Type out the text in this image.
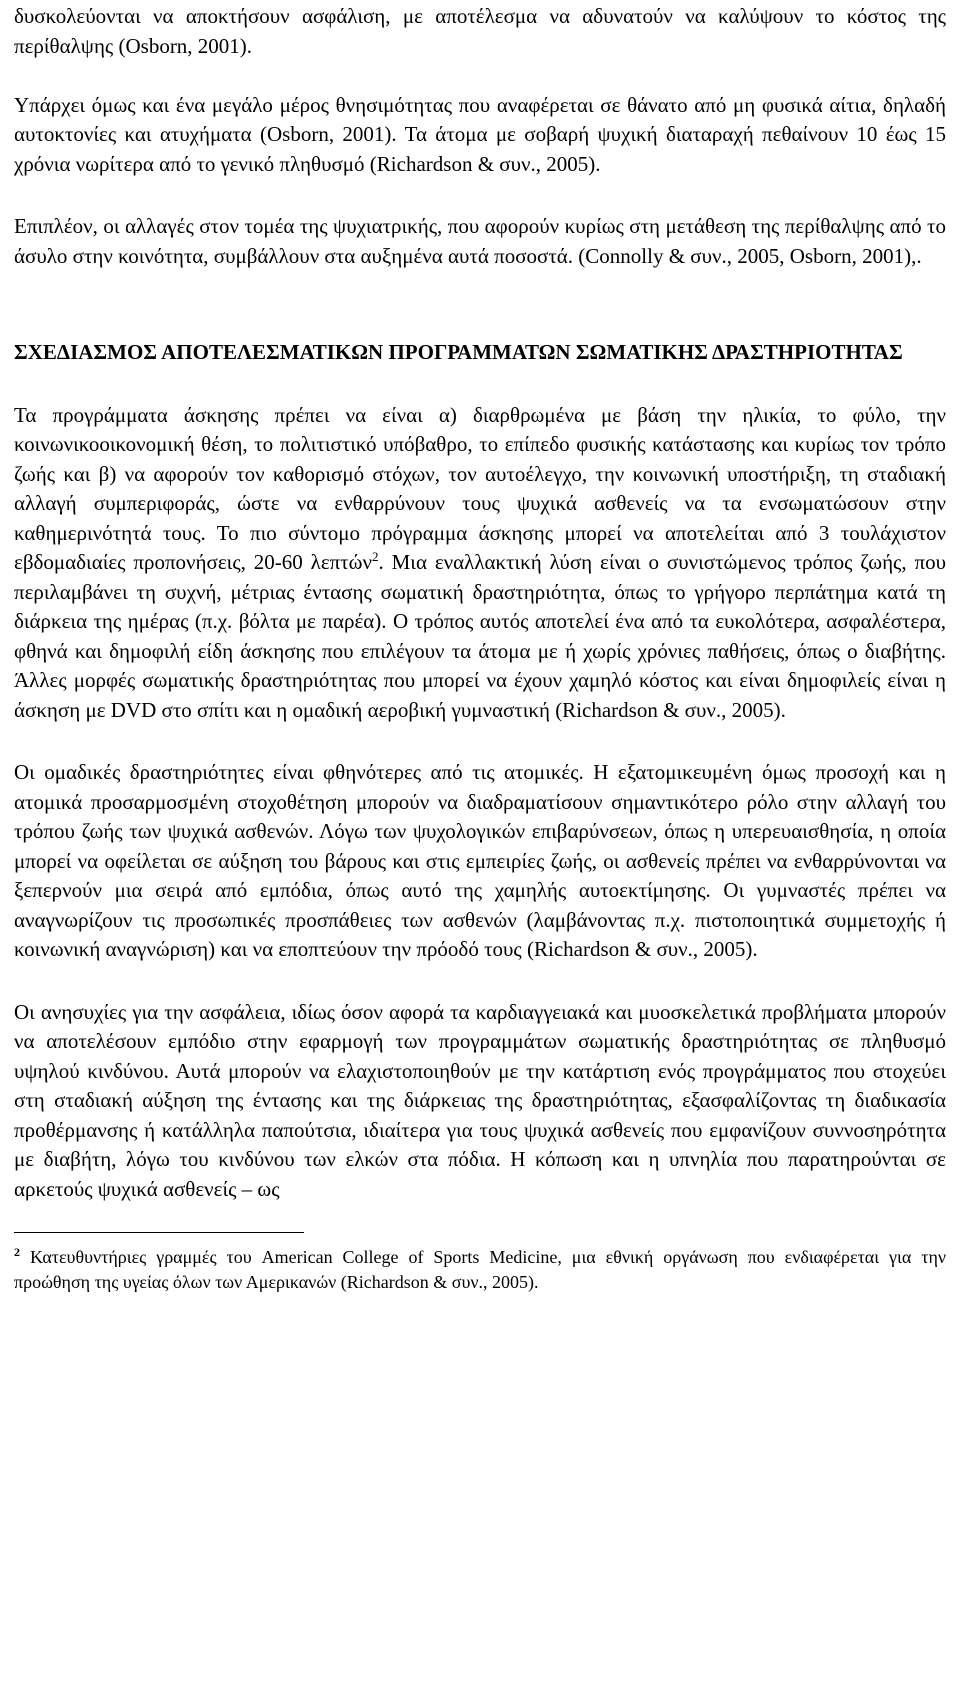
δυσκολεύονται να αποκτήσουν ασφάλιση, με αποτέλεσμα να αδυνατούν να καλύψουν το κόστος της περίθαλψης (Osborn, 2001).

Υπάρχει όμως και ένα μεγάλο μέρος θνησιμότητας που αναφέρεται σε θάνατο από μη φυσικά αίτια, δηλαδή αυτοκτονίες και ατυχήματα (Osborn, 2001). Τα άτομα με σοβαρή ψυχική διαταραχή πεθαίνουν 10 έως 15 χρόνια νωρίτερα από το γενικό πληθυσμό (Richardson & συν., 2005).

Επιπλέον, οι αλλαγές στον τομέα της ψυχιατρικής, που αφορούν κυρίως στη μετάθεση της περίθαλψης από το άσυλο στην κοινότητα, συμβάλλουν στα αυξημένα αυτά ποσοστά. (Connolly & συν., 2005, Osborn, 2001),.

ΣΧΕΔΙΑΣΜΟΣ ΑΠΟΤΕΛΕΣΜΑΤΙΚΩΝ ΠΡΟΓΡΑΜΜΑΤΩΝ ΣΩΜΑΤΙΚΗΣ ΔΡΑΣΤΗΡΙΟΤΗΤΑΣ

Τα προγράμματα άσκησης πρέπει να είναι α) διαρθρωμένα με βάση την ηλικία, το φύλο, την κοινωνικοοικονομική θέση, το πολιτιστικό υπόβαθρο, το επίπεδο φυσικής κατάστασης και κυρίως τον τρόπο ζωής και β) να αφορούν τον καθορισμό στόχων, τον αυτοέλεγχο, την κοινωνική υποστήριξη, τη σταδιακή αλλαγή συμπεριφοράς, ώστε να ενθαρρύνουν τους ψυχικά ασθενείς να τα ενσωματώσουν στην καθημερινότητά τους. Το πιο σύντομο πρόγραμμα άσκησης μπορεί να αποτελείται από 3 τουλάχιστον εβδομαδιαίες προπονήσεις, 20-60 λεπτών$^2$. Μια εναλλακτική λύση είναι ο συνιστώμενος τρόπος ζωής, που περιλαμβάνει τη συχνή, μέτριας έντασης σωματική δραστηριότητα, όπως το γρήγορο περπάτημα κατά τη διάρκεια της ημέρας (π.χ. βόλτα με παρέα). Ο τρόπος αυτός αποτελεί ένα από τα ευκολότερα, ασφαλέστερα, φθηνά και δημοφιλή είδη άσκησης που επιλέγουν τα άτομα με ή χωρίς χρόνιες παθήσεις, όπως ο διαβήτης. Άλλες μορφές σωματικής δραστηριότητας που μπορεί να έχουν χαμηλό κόστος και είναι δημοφιλείς είναι η άσκηση με DVD στο σπίτι και η ομαδική αεροβική γυμναστική (Richardson & συν., 2005).

Οι ομαδικές δραστηριότητες είναι φθηνότερες από τις ατομικές. Η εξατομικευμένη όμως προσοχή και η ατομικά προσαρμοσμένη στοχοθέτηση μπορούν να διαδραματίσουν σημαντικότερο ρόλο στην αλλαγή του τρόπου ζωής των ψυχικά ασθενών. Λόγω των ψυχολογικών επιβαρύνσεων, όπως η υπερευαισθησία, η οποία μπορεί να οφείλεται σε αύξηση του βάρους και στις εμπειρίες ζωής, οι ασθενείς πρέπει να ενθαρρύνονται να ξεπερνούν μια σειρά από εμπόδια, όπως αυτό της χαμηλής αυτοεκτίμησης. Οι γυμναστές πρέπει να αναγνωρίζουν τις προσωπικές προσπάθειες των ασθενών (λαμβάνοντας π.χ. πιστοποιητικά συμμετοχής ή κοινωνική αναγνώριση) και να εποπτεύουν την πρόοδό τους (Richardson & συν., 2005).

Οι ανησυχίες για την ασφάλεια, ιδίως όσον αφορά τα καρδιαγγειακά και μυοσκελετικά προβλήματα μπορούν να αποτελέσουν εμπόδιο στην εφαρμογή των προγραμμάτων σωματικής δραστηριότητας σε πληθυσμό υψηλού κινδύνου. Αυτά μπορούν να ελαχιστοποιηθούν με την κατάρτιση ενός προγράμματος που στοχεύει στη σταδιακή αύξηση της έντασης και της διάρκειας της δραστηριότητας, εξασφαλίζοντας τη διαδικασία προθέρμανσης ή κατάλληλα παπούτσια, ιδιαίτερα για τους ψυχικά ασθενείς που εμφανίζουν συννοσηρότητα με διαβήτη, λόγω του κινδύνου των ελκών στα πόδια. Η κόπωση και η υπνηλία που παρατηρούνται σε αρκετούς ψυχικά ασθενείς – ως

$^2$ Κατευθυντήριες γραμμές του American College of Sports Medicine, μια εθνική οργάνωση που ενδιαφέρεται για την προώθηση της υγείας όλων των Αμερικανών (Richardson & συν., 2005).
